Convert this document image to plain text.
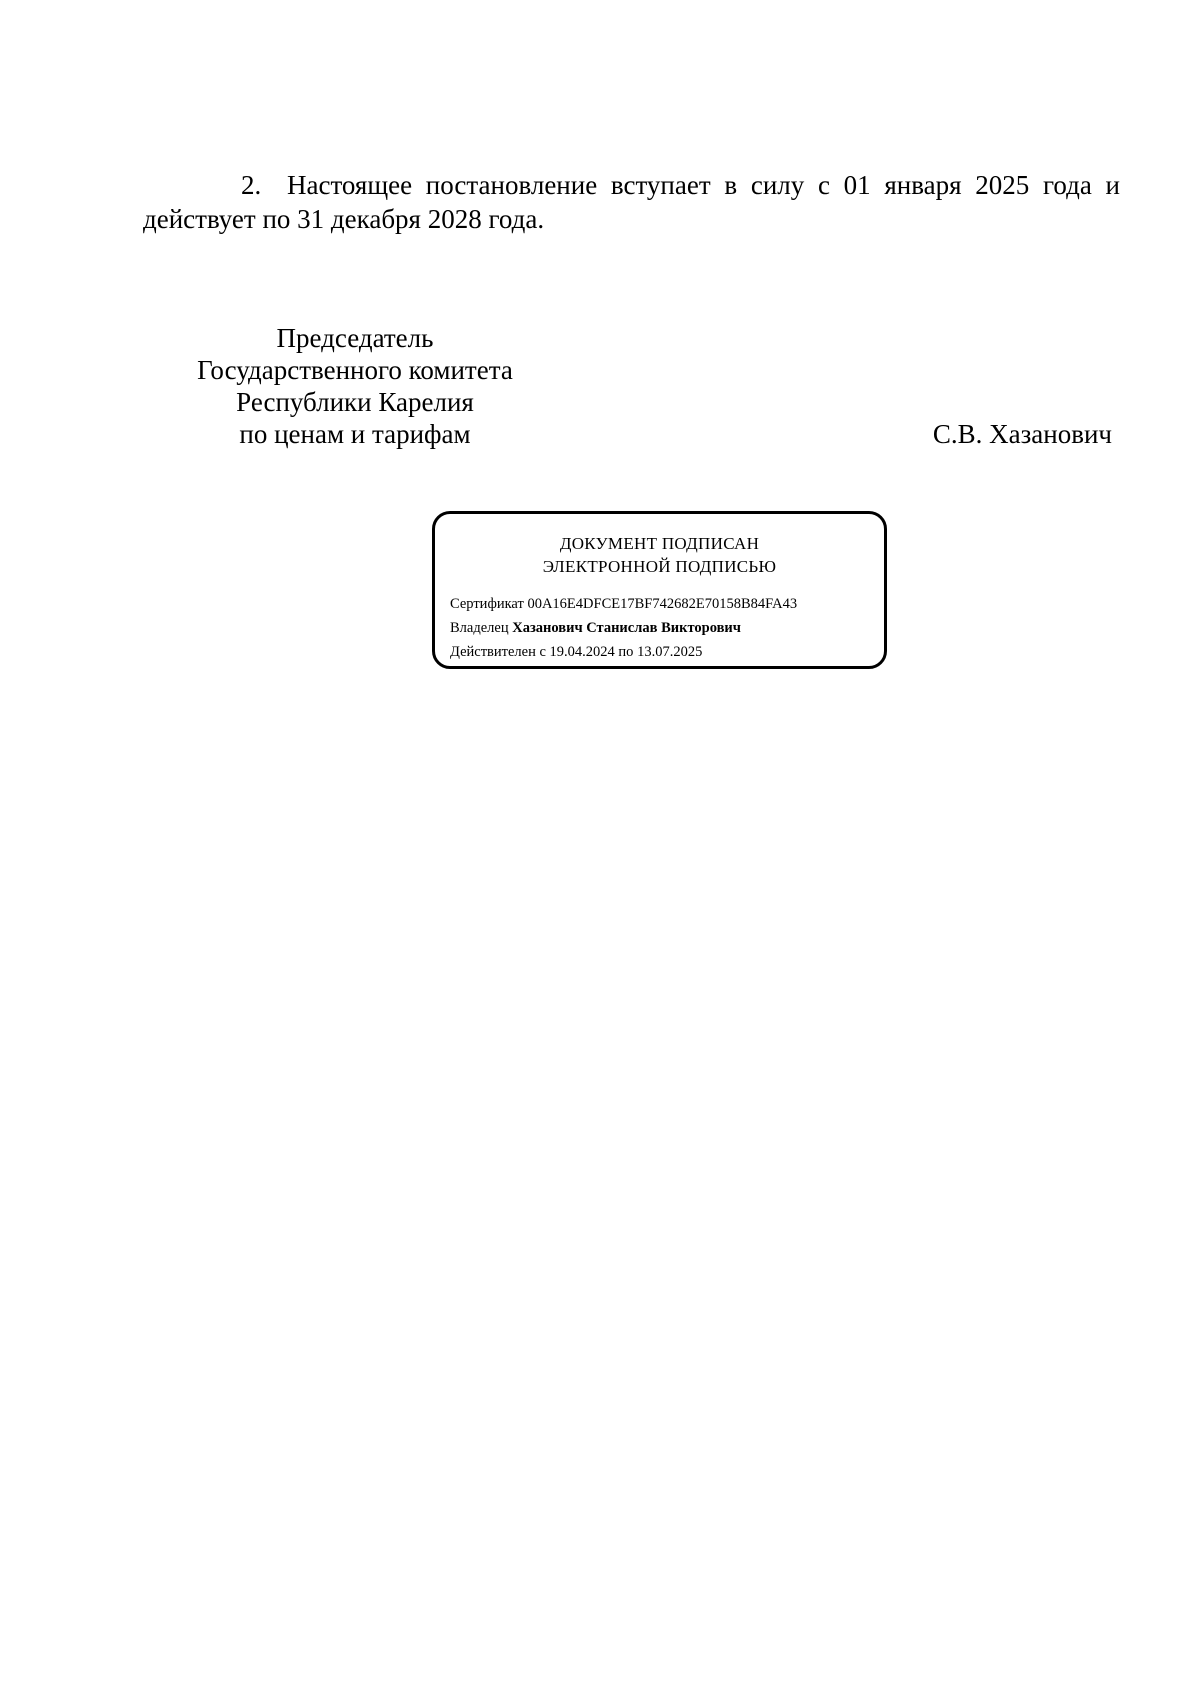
2. Настоящее постановление вступает в силу с 01 января 2025 года и действует по 31 декабря 2028 года.
Председатель
Государственного комитета
Республики Карелия
по ценам и тарифам	С.В. Хазанович
ДОКУМЕНТ ПОДПИСАН
ЭЛЕКТРОННОЙ ПОДПИСЬЮ
Сертификат 00A16E4DFCE17BF742682E70158B84FA43
Владелец Хазанович Станислав Викторович
Действителен с 19.04.2024 по 13.07.2025
